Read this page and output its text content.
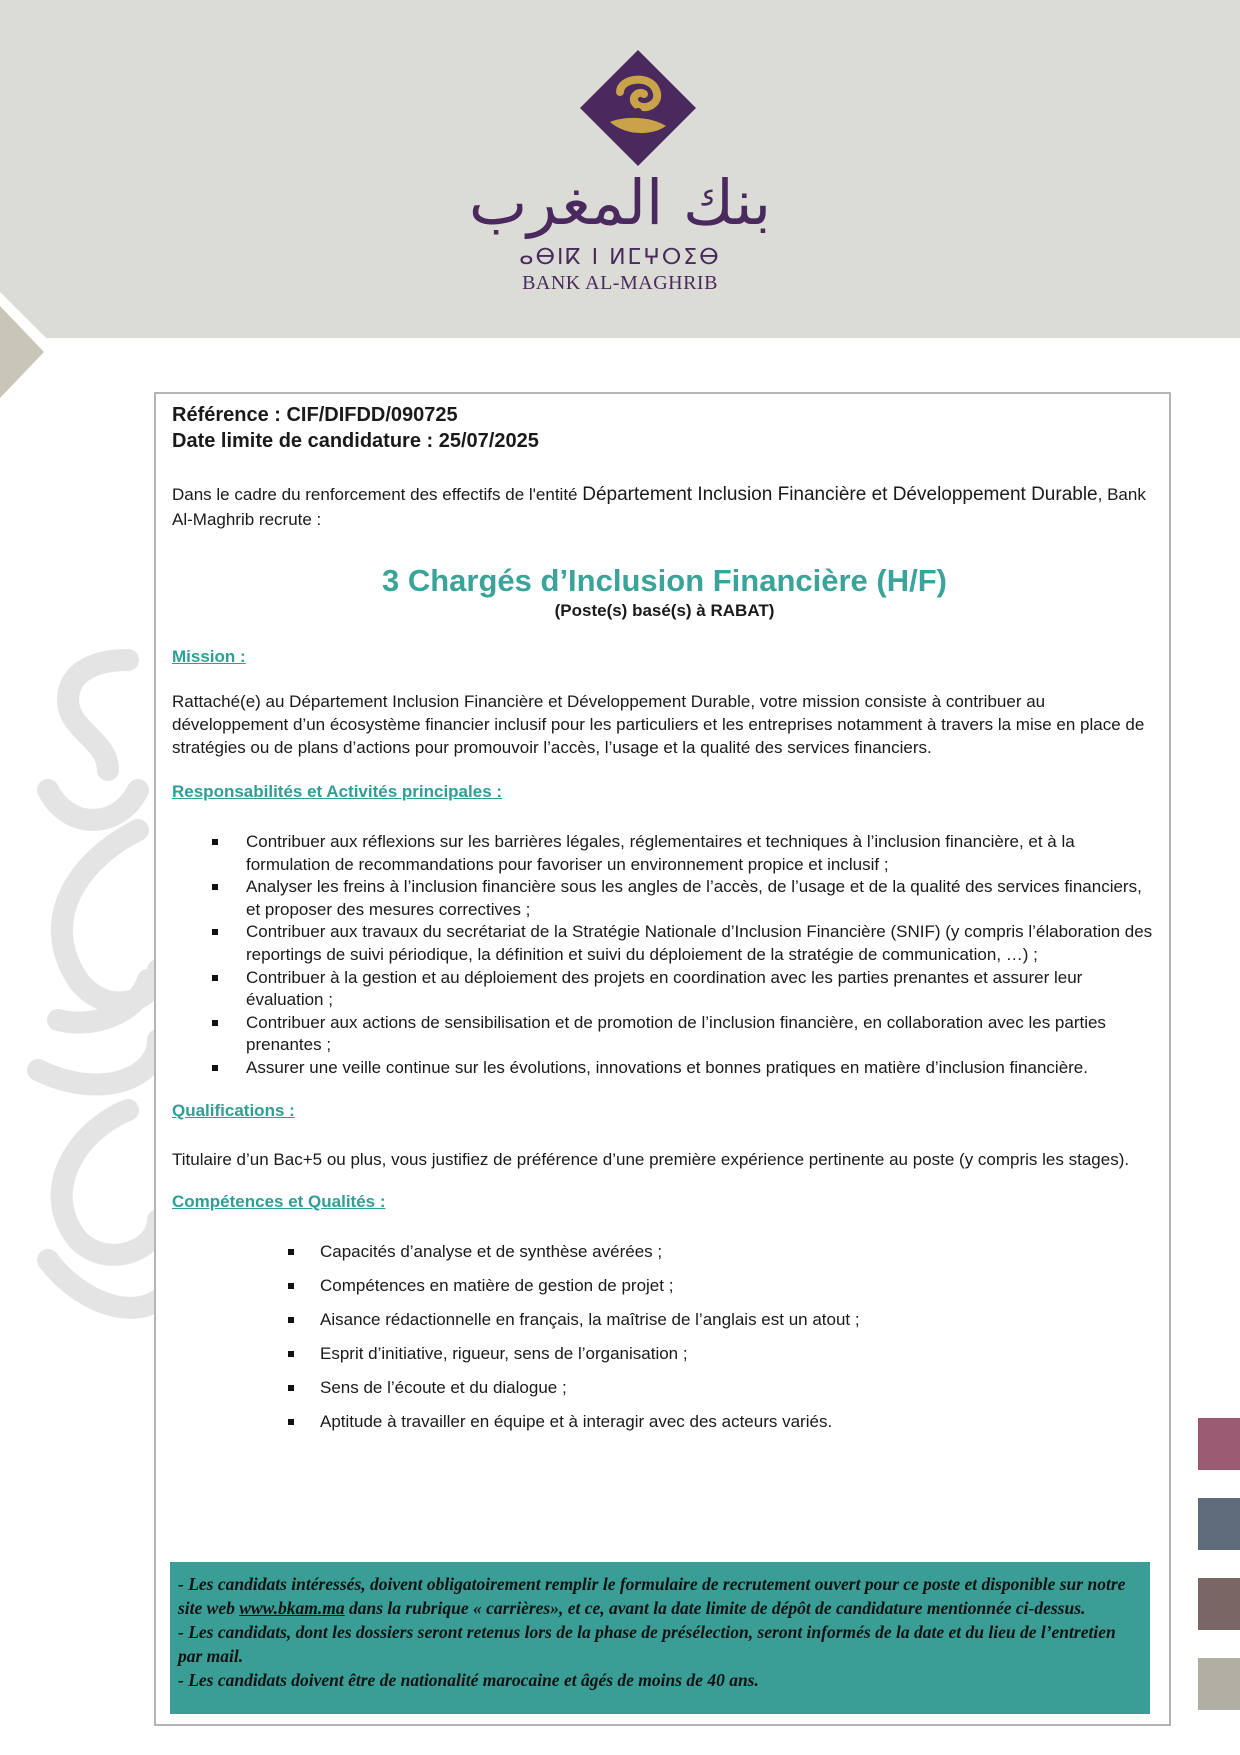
بنك المغرب
ⴰⴱⵏⴽ ⵏ ⵍⵎⵖⵔⵉⴱ
BANK AL-MAGHRIB

Référence : CIF/DIFDD/090725

Date limite de candidature : 25/07/2025

Dans le cadre du renforcement des effectifs de l'entité Département Inclusion Financière et Développement Durable, Bank Al-Maghrib recrute :

3 Chargés d’Inclusion Financière (H/F)

(Poste(s) basé(s) à RABAT)

Mission :

Rattaché(e) au Département Inclusion Financière et Développement Durable, votre mission consiste à contribuer au développement d’un écosystème financier inclusif pour les particuliers et les entreprises notamment à travers la mise en place de stratégies ou de plans d’actions pour promouvoir l’accès, l’usage et la qualité des services financiers.

Responsabilités et Activités principales :

Contribuer aux réflexions sur les barrières légales, réglementaires et techniques à l’inclusion financière, et à la formulation de recommandations pour favoriser un environnement propice et inclusif ;
Analyser les freins à l’inclusion financière sous les angles de l’accès, de l’usage et de la qualité des services financiers, et proposer des mesures correctives ;
Contribuer aux travaux du secrétariat de la Stratégie Nationale d’Inclusion Financière (SNIF) (y compris l’élaboration des reportings de suivi périodique, la définition et suivi du déploiement de la stratégie de communication, …) ;
Contribuer à la gestion et au déploiement des projets en coordination avec les parties prenantes et assurer leur évaluation ;
Contribuer aux actions de sensibilisation et de promotion de l’inclusion financière, en collaboration avec les parties prenantes ;
Assurer une veille continue sur les évolutions, innovations et bonnes pratiques en matière d’inclusion financière.

Qualifications :

Titulaire d’un Bac+5 ou plus, vous justifiez de préférence d’une première expérience pertinente au poste (y compris les stages).

Compétences et Qualités :

Capacités d’analyse et de synthèse avérées ;
Compétences en matière de gestion de projet ;
Aisance rédactionnelle en français, la maîtrise de l’anglais est un atout ;
Esprit d’initiative, rigueur, sens de l’organisation ;
Sens de l’écoute et du dialogue ;
Aptitude à travailler en équipe et à interagir avec des acteurs variés.

- Les candidats intéressés, doivent obligatoirement remplir le formulaire de recrutement ouvert pour ce poste et disponible sur notre site web www.bkam.ma dans la rubrique « carrières», et ce, avant la date limite de dépôt de candidature mentionnée ci-dessus.

- Les candidats, dont les dossiers seront retenus lors de la phase de présélection, seront informés de la date et du lieu de l’entretien par mail.

- Les candidats doivent être de nationalité marocaine et âgés de moins de 40 ans.
